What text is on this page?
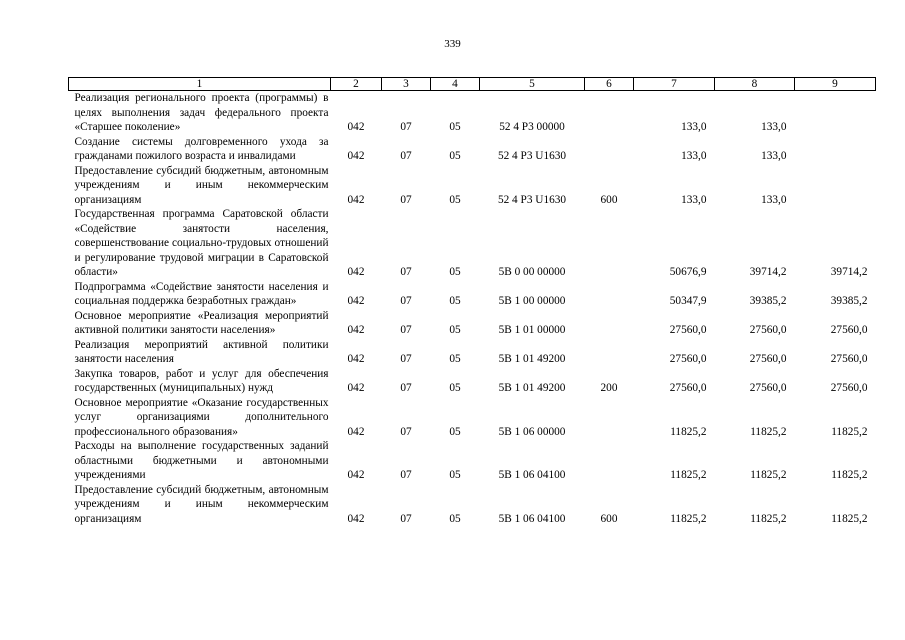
339
1	2	3	4	5	6	7	8	9
Реализация регионального проекта (программы) в целях выполнения задач федерального проекта «Старшее поколение»	042	07	05	52 4 P3 00000		133,0	133,0	
Создание системы долговременного ухода за гражданами пожилого возраста и инвалидами	042	07	05	52 4 P3 U1630		133,0	133,0	
Предоставление субсидий бюджетным, автономным учреждениям и иным некоммерческим организациям	042	07	05	52 4 P3 U1630	600	133,0	133,0	
Государственная программа Саратовской области «Содействие занятости населения, совершенствование социально-трудовых отношений и регулирование трудовой миграции в Саратовской области»	042	07	05	5B 0 00 00000		50676,9	39714,2	39714,2
Подпрограмма «Содействие занятости населения и социальная поддержка безработных граждан»	042	07	05	5B 1 00 00000		50347,9	39385,2	39385,2
Основное мероприятие «Реализация мероприятий активной политики занятости населения»	042	07	05	5B 1 01 00000		27560,0	27560,0	27560,0
Реализация мероприятий активной политики занятости населения	042	07	05	5B 1 01 49200		27560,0	27560,0	27560,0
Закупка товаров, работ и услуг для обеспечения государственных (муниципальных) нужд	042	07	05	5B 1 01 49200	200	27560,0	27560,0	27560,0
Основное мероприятие «Оказание государственных услуг организациями дополнительного профессионального образования»	042	07	05	5B 1 06 00000		11825,2	11825,2	11825,2
Расходы на выполнение государственных заданий областными бюджетными и автономными учреждениями	042	07	05	5B 1 06 04100		11825,2	11825,2	11825,2
Предоставление субсидий бюджетным, автономным учреждениям и иным некоммерческим организациям	042	07	05	5B 1 06 04100	600	11825,2	11825,2	11825,2
